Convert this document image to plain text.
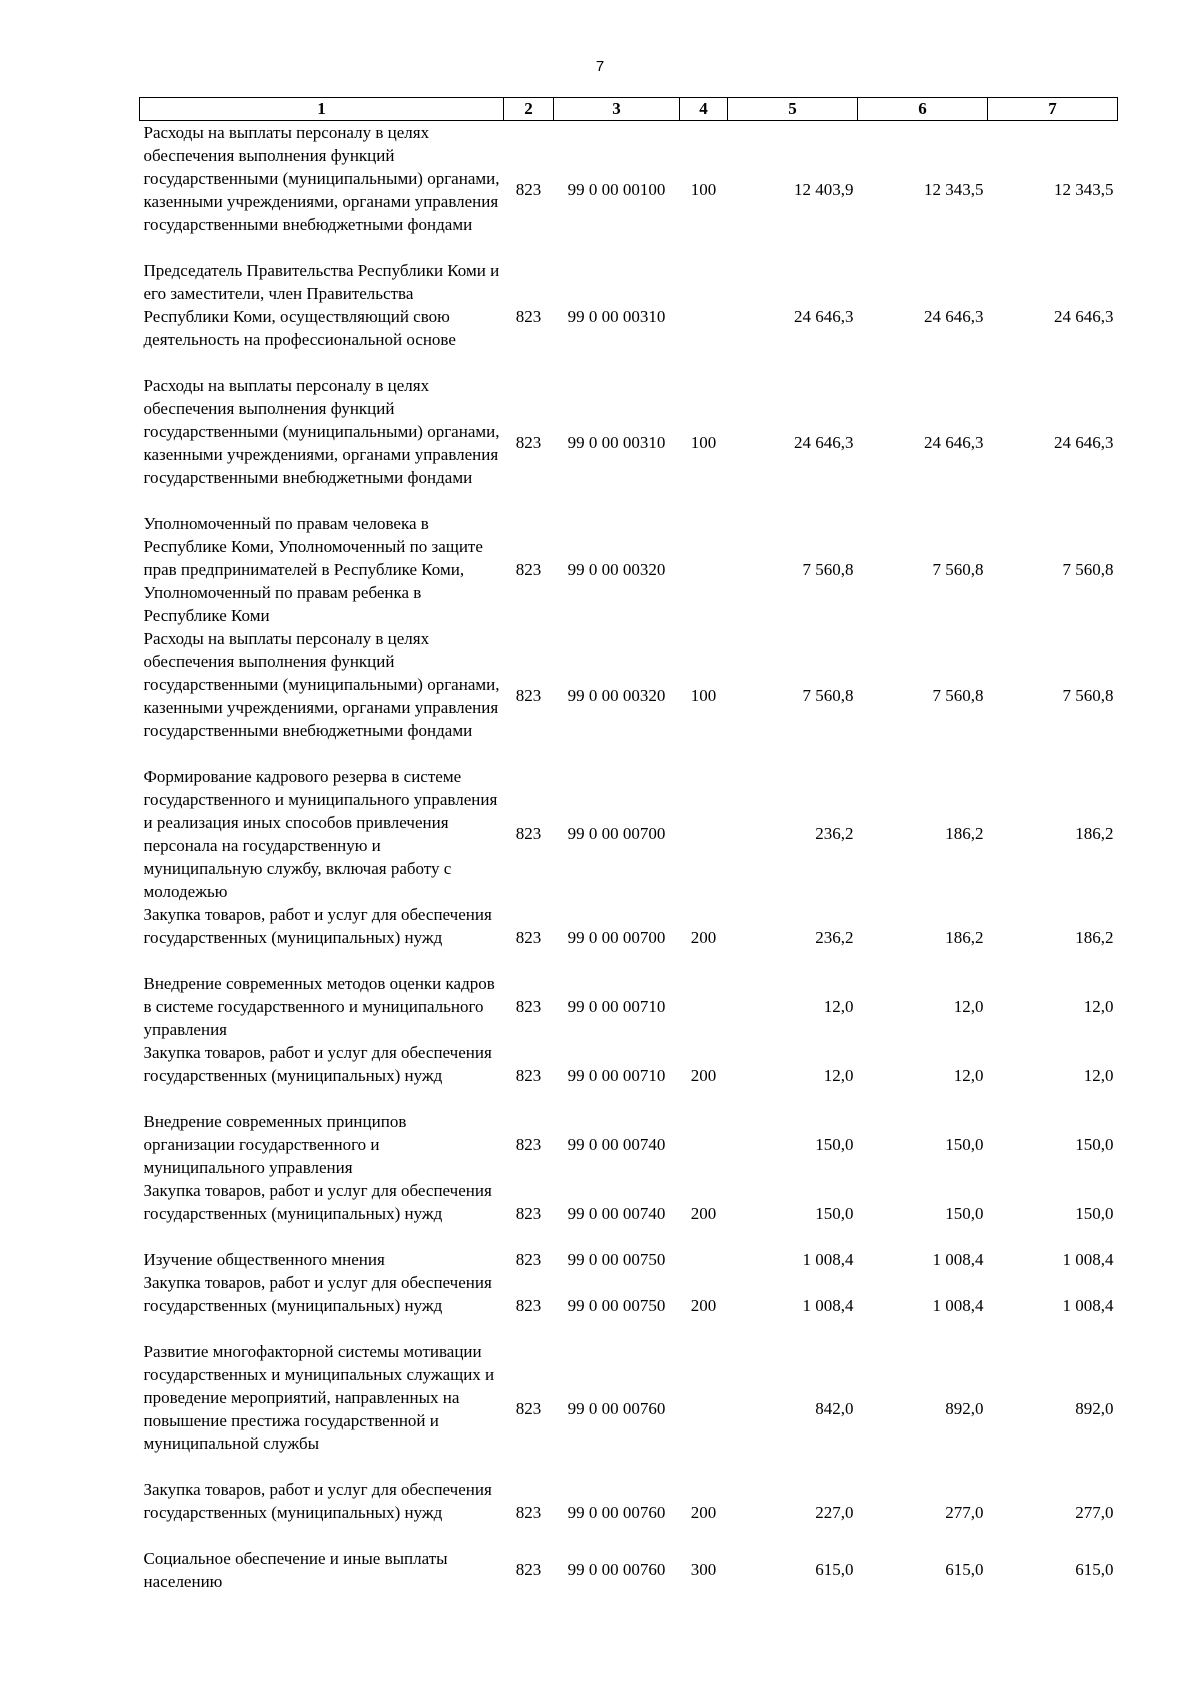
7
1	2	3	4	5	6	7
Расходы на выплаты персоналу в целях обеспечения выполнения функций государственными (муниципальными) органами, казенными учреждениями, органами управления государственными внебюджетными фондами	823	99 0 00 00100	100	12 403,9	12 343,5	12 343,5
Председатель Правительства Республики Коми и его заместители, член Правительства Республики Коми, осуществляющий свою деятельность на профессиональной основе	823	99 0 00 00310		24 646,3	24 646,3	24 646,3
Расходы на выплаты персоналу в целях обеспечения выполнения функций государственными (муниципальными) органами, казенными учреждениями, органами управления государственными внебюджетными фондами	823	99 0 00 00310	100	24 646,3	24 646,3	24 646,3
Уполномоченный по правам человека в Республике Коми, Уполномоченный по защите прав предпринимателей в Республике Коми, Уполномоченный по правам ребенка в Республике Коми	823	99 0 00 00320		7 560,8	7 560,8	7 560,8
Расходы на выплаты персоналу в целях обеспечения выполнения функций государственными (муниципальными) органами, казенными учреждениями, органами управления государственными внебюджетными фондами	823	99 0 00 00320	100	7 560,8	7 560,8	7 560,8
Формирование кадрового резерва в системе государственного и муниципального управления и реализация иных способов привлечения персонала на государственную и муниципальную службу, включая работу с молодежью	823	99 0 00 00700		236,2	186,2	186,2
Закупка товаров, работ и услуг для обеспечения государственных (муниципальных) нужд	823	99 0 00 00700	200	236,2	186,2	186,2
Внедрение современных методов оценки кадров в системе государственного и муниципального управления	823	99 0 00 00710		12,0	12,0	12,0
Закупка товаров, работ и услуг для обеспечения государственных (муниципальных) нужд	823	99 0 00 00710	200	12,0	12,0	12,0
Внедрение современных принципов организации государственного и муниципального управления	823	99 0 00 00740		150,0	150,0	150,0
Закупка товаров, работ и услуг для обеспечения государственных (муниципальных) нужд	823	99 0 00 00740	200	150,0	150,0	150,0
Изучение общественного мнения	823	99 0 00 00750		1 008,4	1 008,4	1 008,4
Закупка товаров, работ и услуг для обеспечения государственных (муниципальных) нужд	823	99 0 00 00750	200	1 008,4	1 008,4	1 008,4
Развитие многофакторной системы мотивации государственных и муниципальных служащих и проведение мероприятий, направленных на повышение престижа государственной и муниципальной службы	823	99 0 00 00760		842,0	892,0	892,0
Закупка товаров, работ и услуг для обеспечения государственных (муниципальных) нужд	823	99 0 00 00760	200	227,0	277,0	277,0
Социальное обеспечение и иные выплаты населению	823	99 0 00 00760	300	615,0	615,0	615,0
